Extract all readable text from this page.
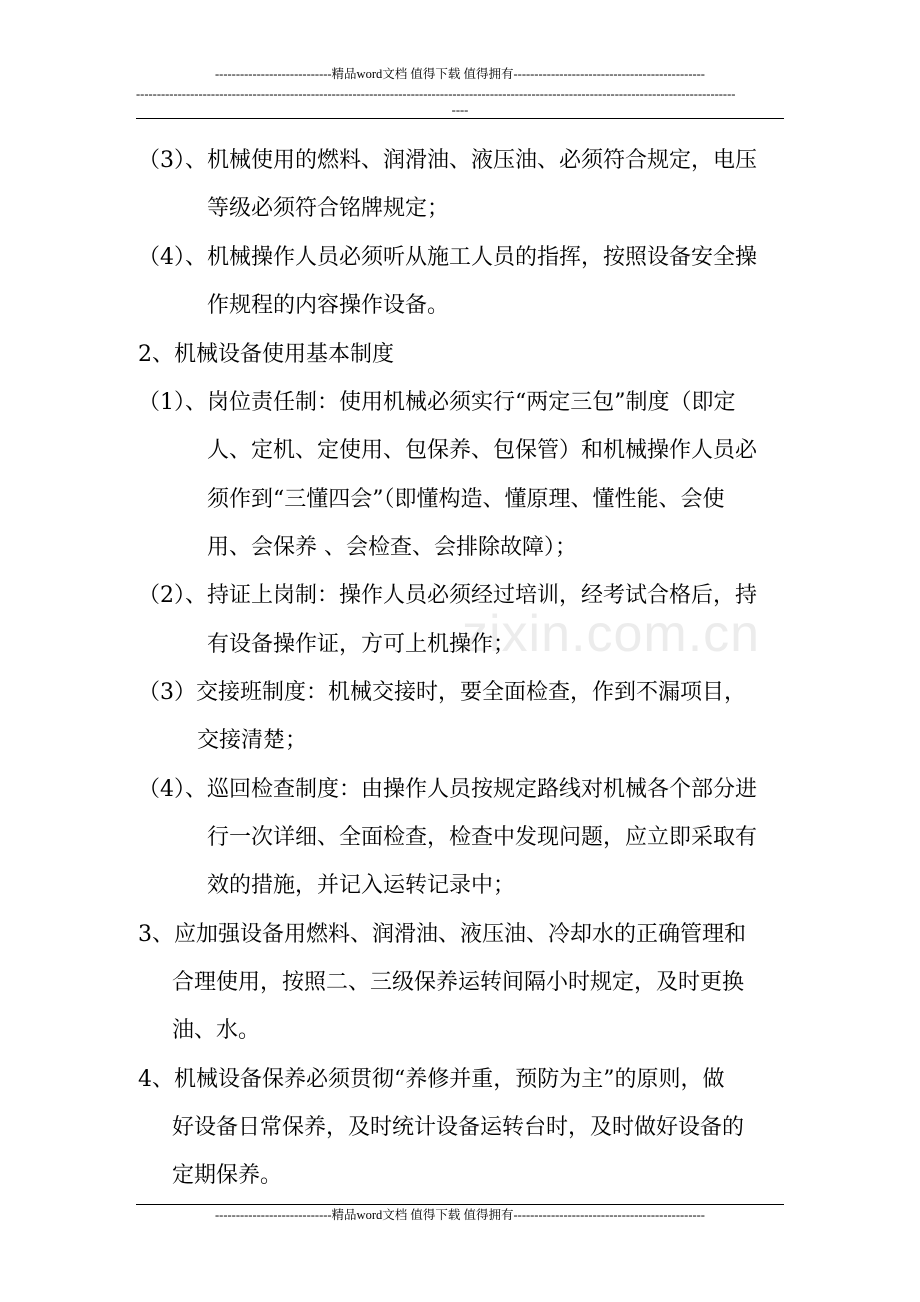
----------------------------精品word文档 值得下载 值得拥有----------------------------------------------
------------------------------------------------------------------------------------------------------------------------------------------------
----
zixin.com.cn
（3）、机械使用的燃料、润滑油、液压油、必须符合规定，电压
等级必须符合铭牌规定；
（4）、机械操作人员必须听从施工人员的指挥，按照设备安全操
作规程的内容操作设备。
2、机械设备使用基本制度
（1）、岗位责任制：使用机械必须实行“两定三包”制度（即定
人、定机、定使用、包保养、包保管）和机械操作人员必
须作到“三懂四会”（即懂构造、懂原理、懂性能、会使
用、会保养 、会检查、会排除故障）；
（2）、持证上岗制：操作人员必须经过培训，经考试合格后，持
有设备操作证，方可上机操作；
（3）交接班制度：机械交接时，要全面检查，作到不漏项目，
交接清楚；
（4）、巡回检查制度：由操作人员按规定路线对机械各个部分进
行一次详细、全面检查，检查中发现问题，应立即采取有
效的措施，并记入运转记录中；
3、应加强设备用燃料、润滑油、液压油、冷却水的正确管理和
合理使用，按照二、三级保养运转间隔小时规定，及时更换
油、水。
4、机械设备保养必须贯彻“养修并重，预防为主”的原则，做
好设备日常保养，及时统计设备运转台时，及时做好设备的
定期保养。
----------------------------精品word文档 值得下载 值得拥有----------------------------------------------
